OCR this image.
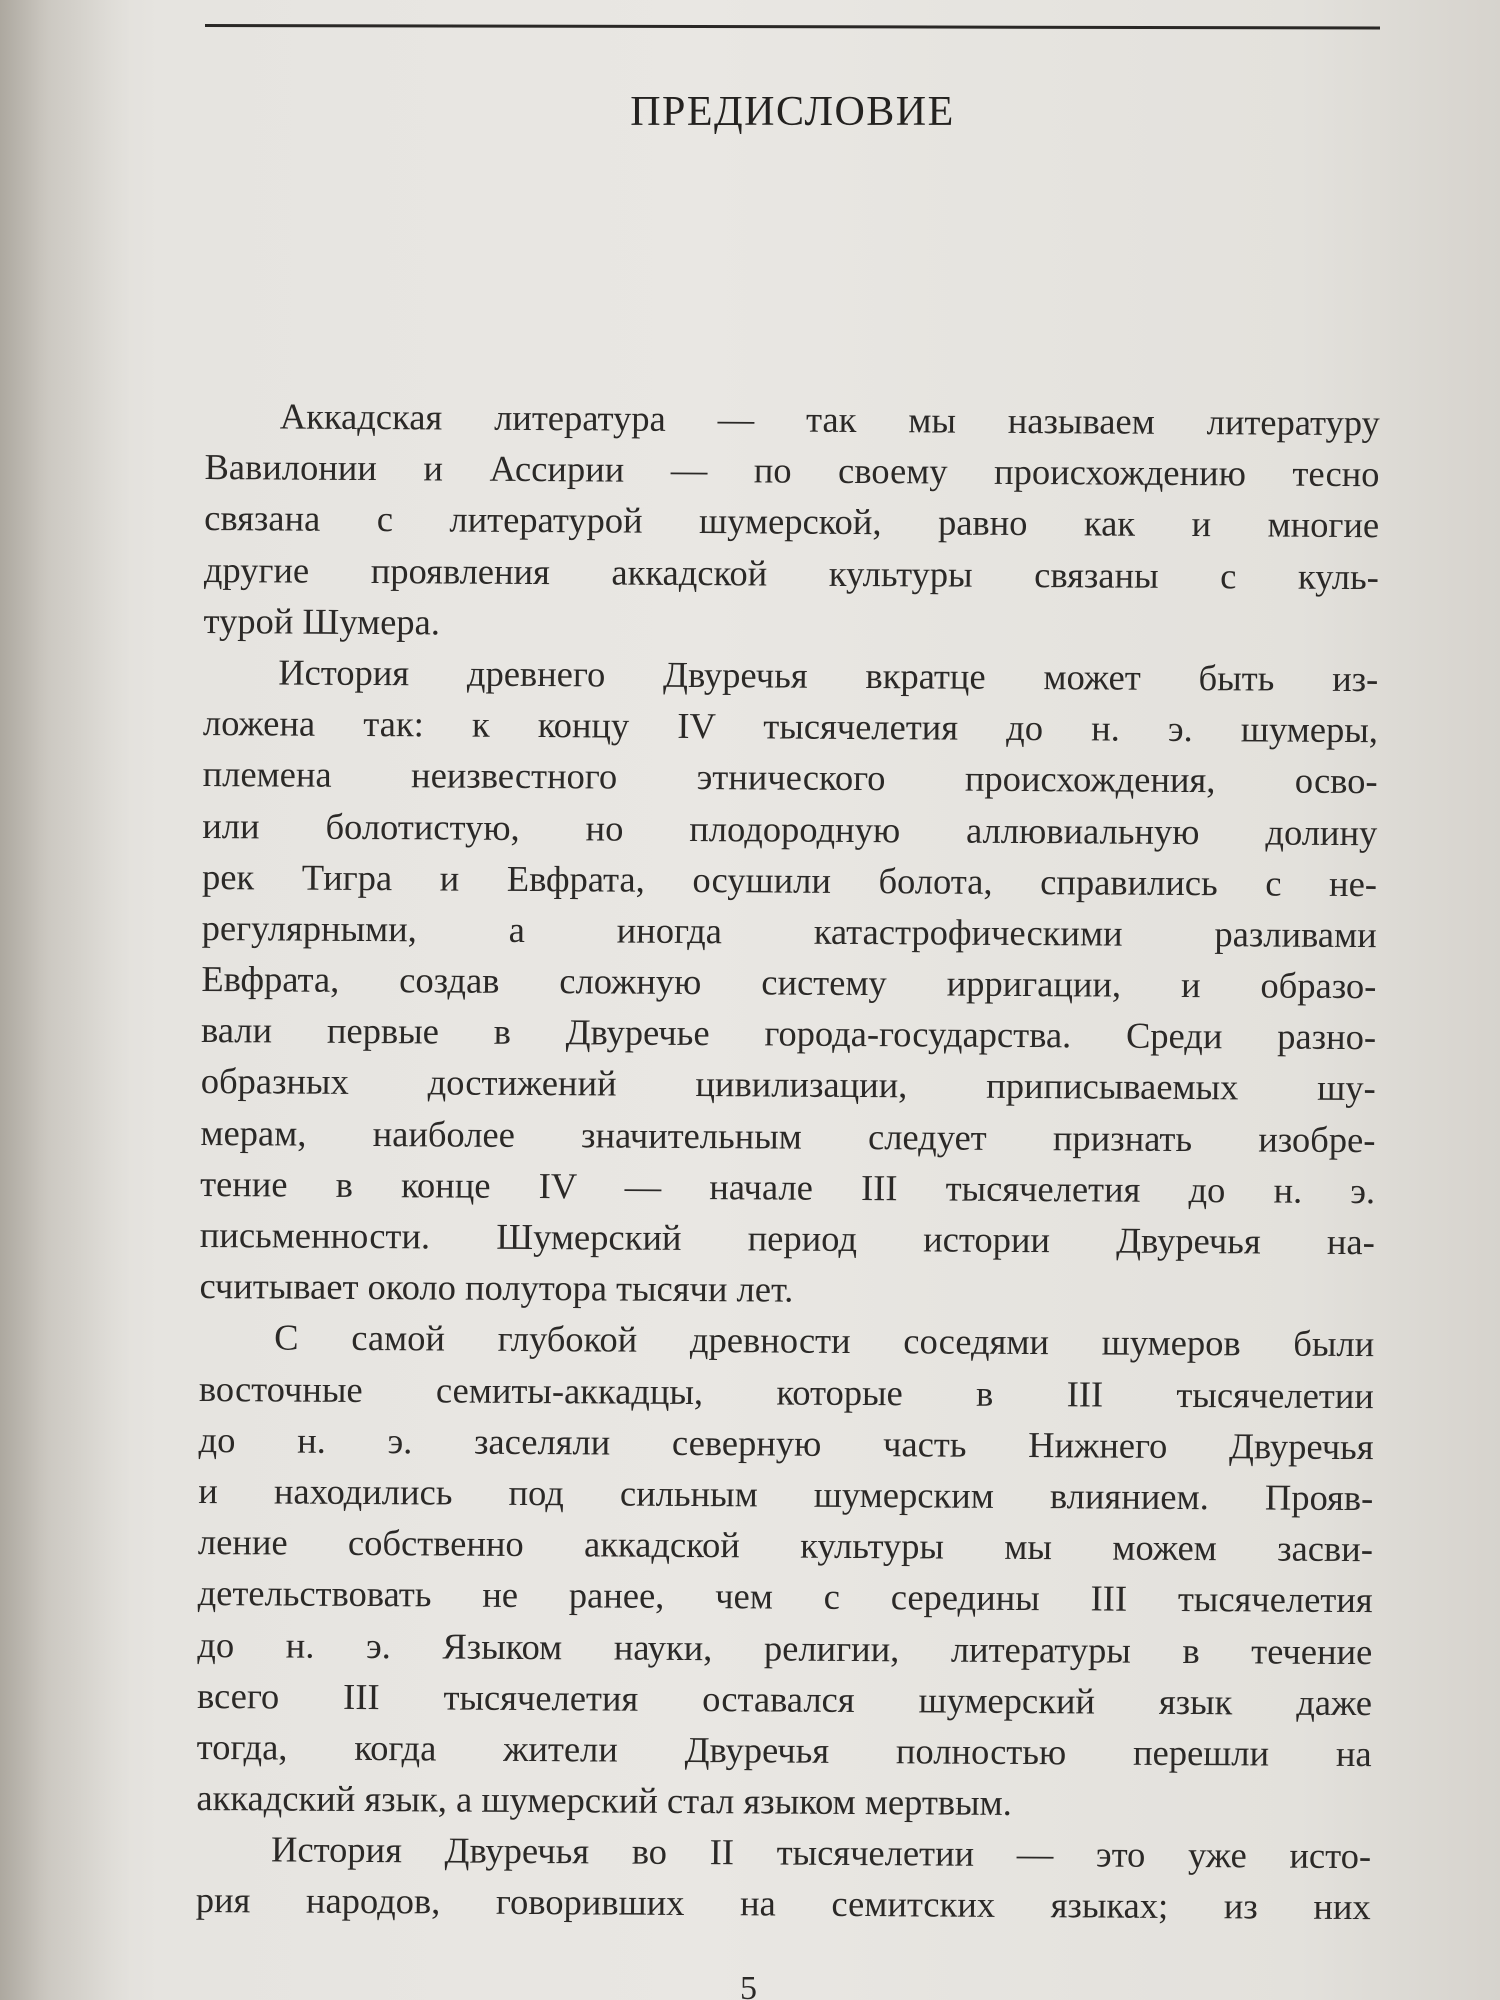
ПРЕДИСЛОВИЕ
Аккадская литература — так мы называем литературу
Вавилонии и Ассирии — по своему происхождению тесно
связана с литературой шумерской, равно как и многие
другие проявления аккадской культуры связаны с куль-
турой Шумера.
История древнего Двуречья вкратце может быть из-
ложена так: к концу IV тысячелетия до н. э. шумеры,
племена неизвестного этнического происхождения, осво-
или болотистую, но плодородную аллювиальную долину
рек Тигра и Евфрата, осушили болота, справились с не-
регулярными, а иногда катастрофическими разливами
Евфрата, создав сложную систему ирригации, и образо-
вали первые в Двуречье города-государства. Среди разно-
образных достижений цивилизации, приписываемых шу-
мерам, наиболее значительным следует признать изобре-
тение в конце IV — начале III тысячелетия до н. э.
письменности. Шумерский период истории Двуречья на-
считывает около полутора тысячи лет.
С самой глубокой древности соседями шумеров были
восточные семиты-аккадцы, которые в III тысячелетии
до н. э. заселяли северную часть Нижнего Двуречья
и находились под сильным шумерским влиянием. Прояв-
ление собственно аккадской культуры мы можем засви-
детельствовать не ранее, чем с середины III тысячелетия
до н. э. Языком науки, религии, литературы в течение
всего III тысячелетия оставался шумерский язык даже
тогда, когда жители Двуречья полностью перешли на
аккадский язык, а шумерский стал языком мертвым.
История Двуречья во II тысячелетии — это уже исто-
рия народов, говоривших на семитских языках; из них
5
